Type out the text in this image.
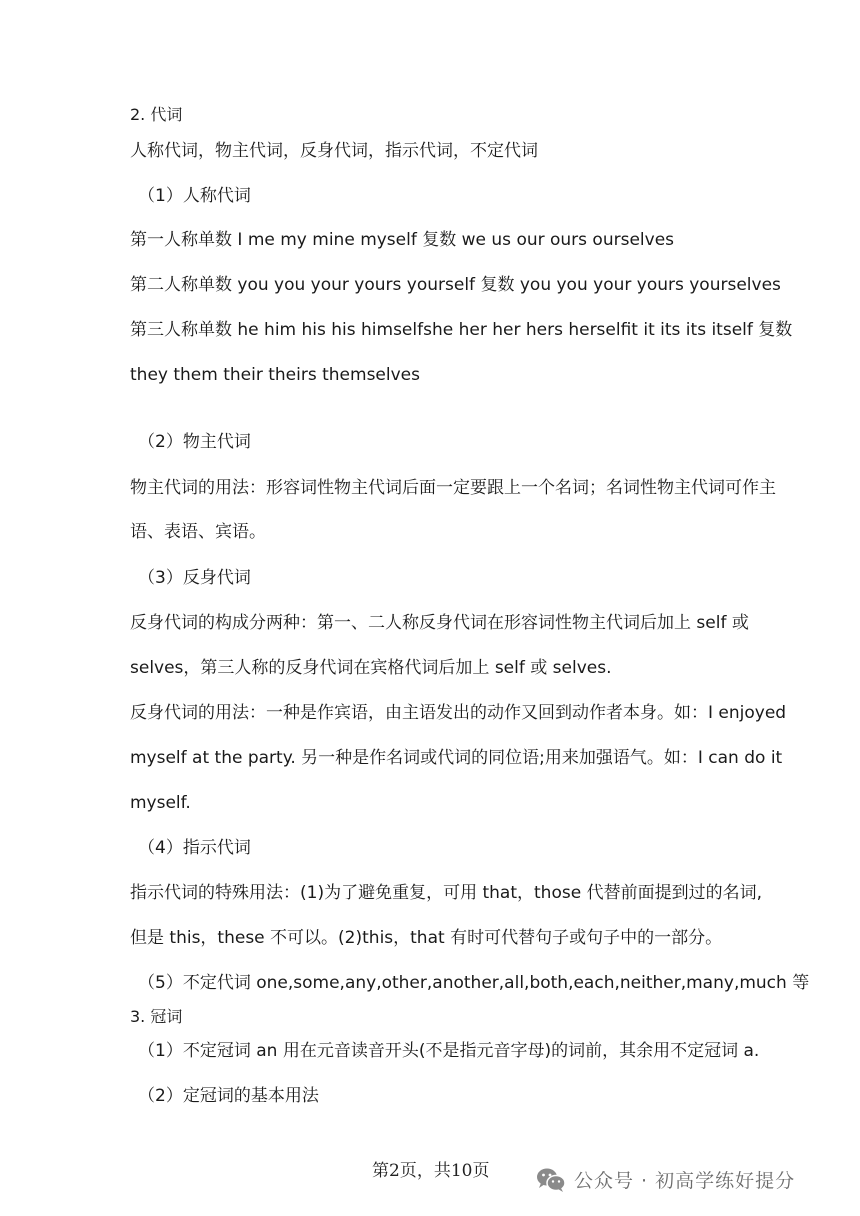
2. 代词

人称代词，物主代词，反身代词，指示代词，不定代词

（1）人称代词

第一人称单数 I me my mine myself 复数 we us our ours ourselves

第二人称单数 you you your yours yourself 复数 you you your yours yourselves

第三人称单数 he him his his himselfshe her her hers herselfit it its its itself 复数

they them their theirs themselves

（2）物主代词

物主代词的用法：形容词性物主代词后面一定要跟上一个名词；名词性物主代词可作主

语、表语、宾语。

（3）反身代词

反身代词的构成分两种：第一、二人称反身代词在形容词性物主代词后加上 self 或

selves，第三人称的反身代词在宾格代词后加上 self 或 selves.

反身代词的用法：一种是作宾语，由主语发出的动作又回到动作者本身。如：I enjoyed

myself at the party. 另一种是作名词或代词的同位语;用来加强语气。如：I can do it

myself.

（4）指示代词

指示代词的特殊用法：(1)为了避免重复，可用 that，those 代替前面提到过的名词,

但是 this，these 不可以。(2)this，that 有时可代替句子或句子中的一部分。

（5）不定代词 one,some,any,other,another,all,both,each,neither,many,much 等

3. 冠词

（1）不定冠词 an 用在元音读音开头(不是指元音字母)的词前，其余用不定冠词 a.

（2）定冠词的基本用法

第2页，共10页	公众号 · 初高学练好提分
